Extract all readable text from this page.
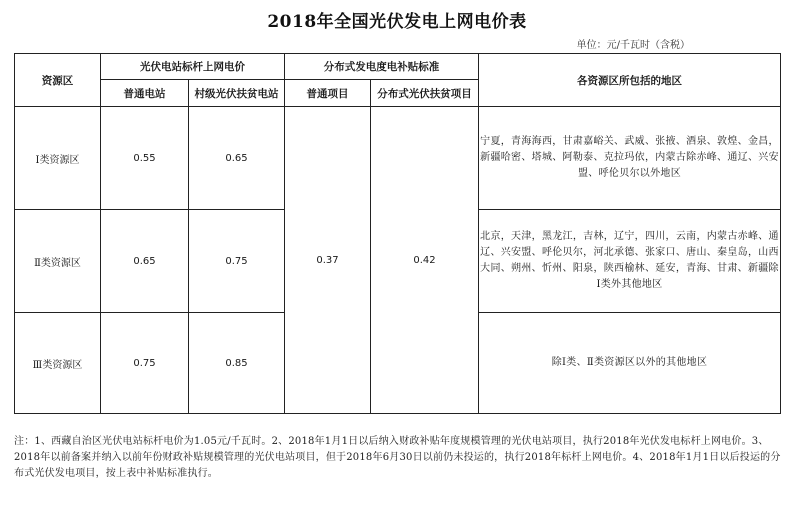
2018年全国光伏发电上网电价表
单位：元/千瓦时（含税）
资源区	光伏电站标杆上网电价		分布式发电度电补贴标准		各资源区所包括的地区
	普通电站	村级光伏扶贫电站	普通项目	分布式光伏扶贫项目	
Ⅰ类资源区	0.55	0.65	0.37	0.42	宁夏，青海海西，甘肃嘉峪关、武威、张掖、酒泉、敦煌、金昌，新疆哈密、塔城、阿勒泰、克拉玛依，内蒙古除赤峰、通辽、兴安盟、呼伦贝尔以外地区
Ⅱ类资源区	0.65	0.75			北京，天津，黑龙江，吉林，辽宁，四川，云南，内蒙古赤峰、通辽、兴安盟、呼伦贝尔，河北承德、张家口、唐山、秦皇岛，山西大同、朔州、忻州、阳泉，陕西榆林、延安，青海、甘肃、新疆除Ⅰ类外其他地区
Ⅲ类资源区	0.75	0.85			除Ⅰ类、Ⅱ类资源区以外的其他地区
注：1、西藏自治区光伏电站标杆电价为1.05元/千瓦时。2、2018年1月1日以后纳入财政补贴年度规模管理的光伏电站项目，执行2018年光伏发电标杆上网电价。3、2018年以前备案并纳入以前年份财政补贴规模管理的光伏电站项目，但于2018年6月30日以前仍未投运的，执行2018年标杆上网电价。4、2018年1月1日以后投运的分布式光伏发电项目，按上表中补贴标准执行。
